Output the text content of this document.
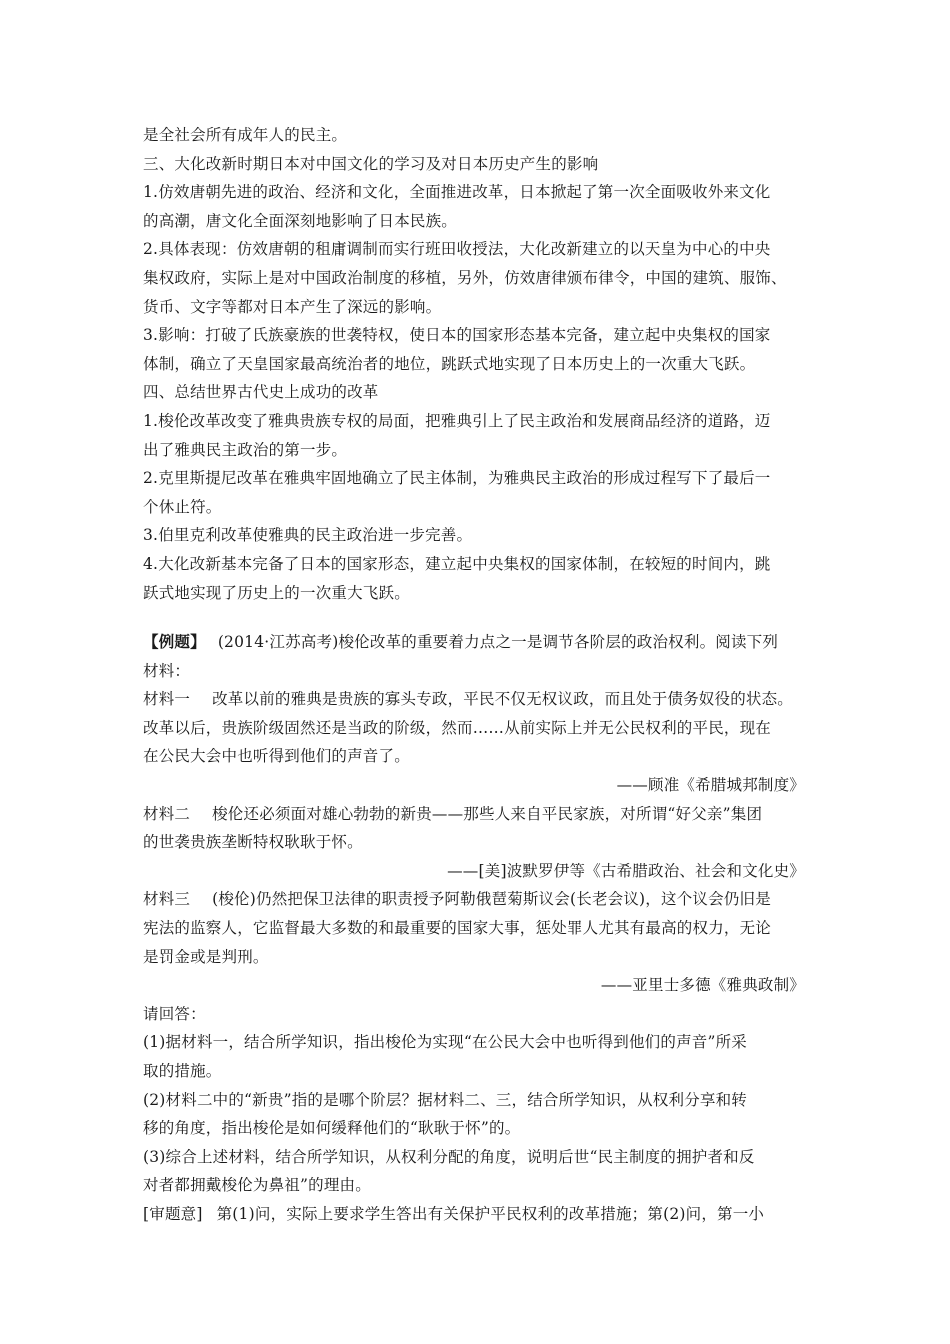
是全社会所有成年人的民主。
三、大化改新时期日本对中国文化的学习及对日本历史产生的影响
1.仿效唐朝先进的政治、经济和文化，全面推进改革，日本掀起了第一次全面吸收外来文化
的高潮，唐文化全面深刻地影响了日本民族。
2.具体表现：仿效唐朝的租庸调制而实行班田收授法，大化改新建立的以天皇为中心的中央
集权政府，实际上是对中国政治制度的移植，另外，仿效唐律颁布律令，中国的建筑、服饰、
货币、文字等都对日本产生了深远的影响。
3.影响：打破了氏族豪族的世袭特权，使日本的国家形态基本完备，建立起中央集权的国家
体制，确立了天皇国家最高统治者的地位，跳跃式地实现了日本历史上的一次重大飞跃。
四、总结世界古代史上成功的改革
1.梭伦改革改变了雅典贵族专权的局面，把雅典引上了民主政治和发展商品经济的道路，迈
出了雅典民主政治的第一步。
2.克里斯提尼改革在雅典牢固地确立了民主体制，为雅典民主政治的形成过程写下了最后一
个休止符。
3.伯里克利改革使雅典的民主政治进一步完善。
4.大化改新基本完备了日本的国家形态，建立起中央集权的国家体制，在较短的时间内，跳
跃式地实现了历史上的一次重大飞跃。
【例题】 (2014·江苏高考)梭伦改革的重要着力点之一是调节各阶层的政治权利。阅读下列
材料：
材料一 改革以前的雅典是贵族的寡头专政，平民不仅无权议政，而且处于债务奴役的状态。
改革以后，贵族阶级固然还是当政的阶级，然而……从前实际上并无公民权利的平民，现在
在公民大会中也听得到他们的声音了。
——顾准《希腊城邦制度》
材料二 梭伦还必须面对雄心勃勃的新贵——那些人来自平民家族，对所谓“好父亲”集团
的世袭贵族垄断特权耿耿于怀。
——[美]波默罗伊等《古希腊政治、社会和文化史》
材料三 (梭伦)仍然把保卫法律的职责授予阿勒俄琶菊斯议会(长老会议)，这个议会仍旧是
宪法的监察人，它监督最大多数的和最重要的国家大事，惩处罪人尤其有最高的权力，无论
是罚金或是判刑。
——亚里士多德《雅典政制》
请回答：
(1)据材料一，结合所学知识，指出梭伦为实现“在公民大会中也听得到他们的声音”所采
取的措施。
(2)材料二中的“新贵”指的是哪个阶层？据材料二、三，结合所学知识，从权利分享和转
移的角度，指出梭伦是如何缓释他们的“耿耿于怀”的。
(3)综合上述材料，结合所学知识，从权利分配的角度，说明后世“民主制度的拥护者和反
对者都拥戴梭伦为鼻祖”的理由。
[审题意] 第(1)问，实际上要求学生答出有关保护平民权利的改革措施；第(2)问，第一小
